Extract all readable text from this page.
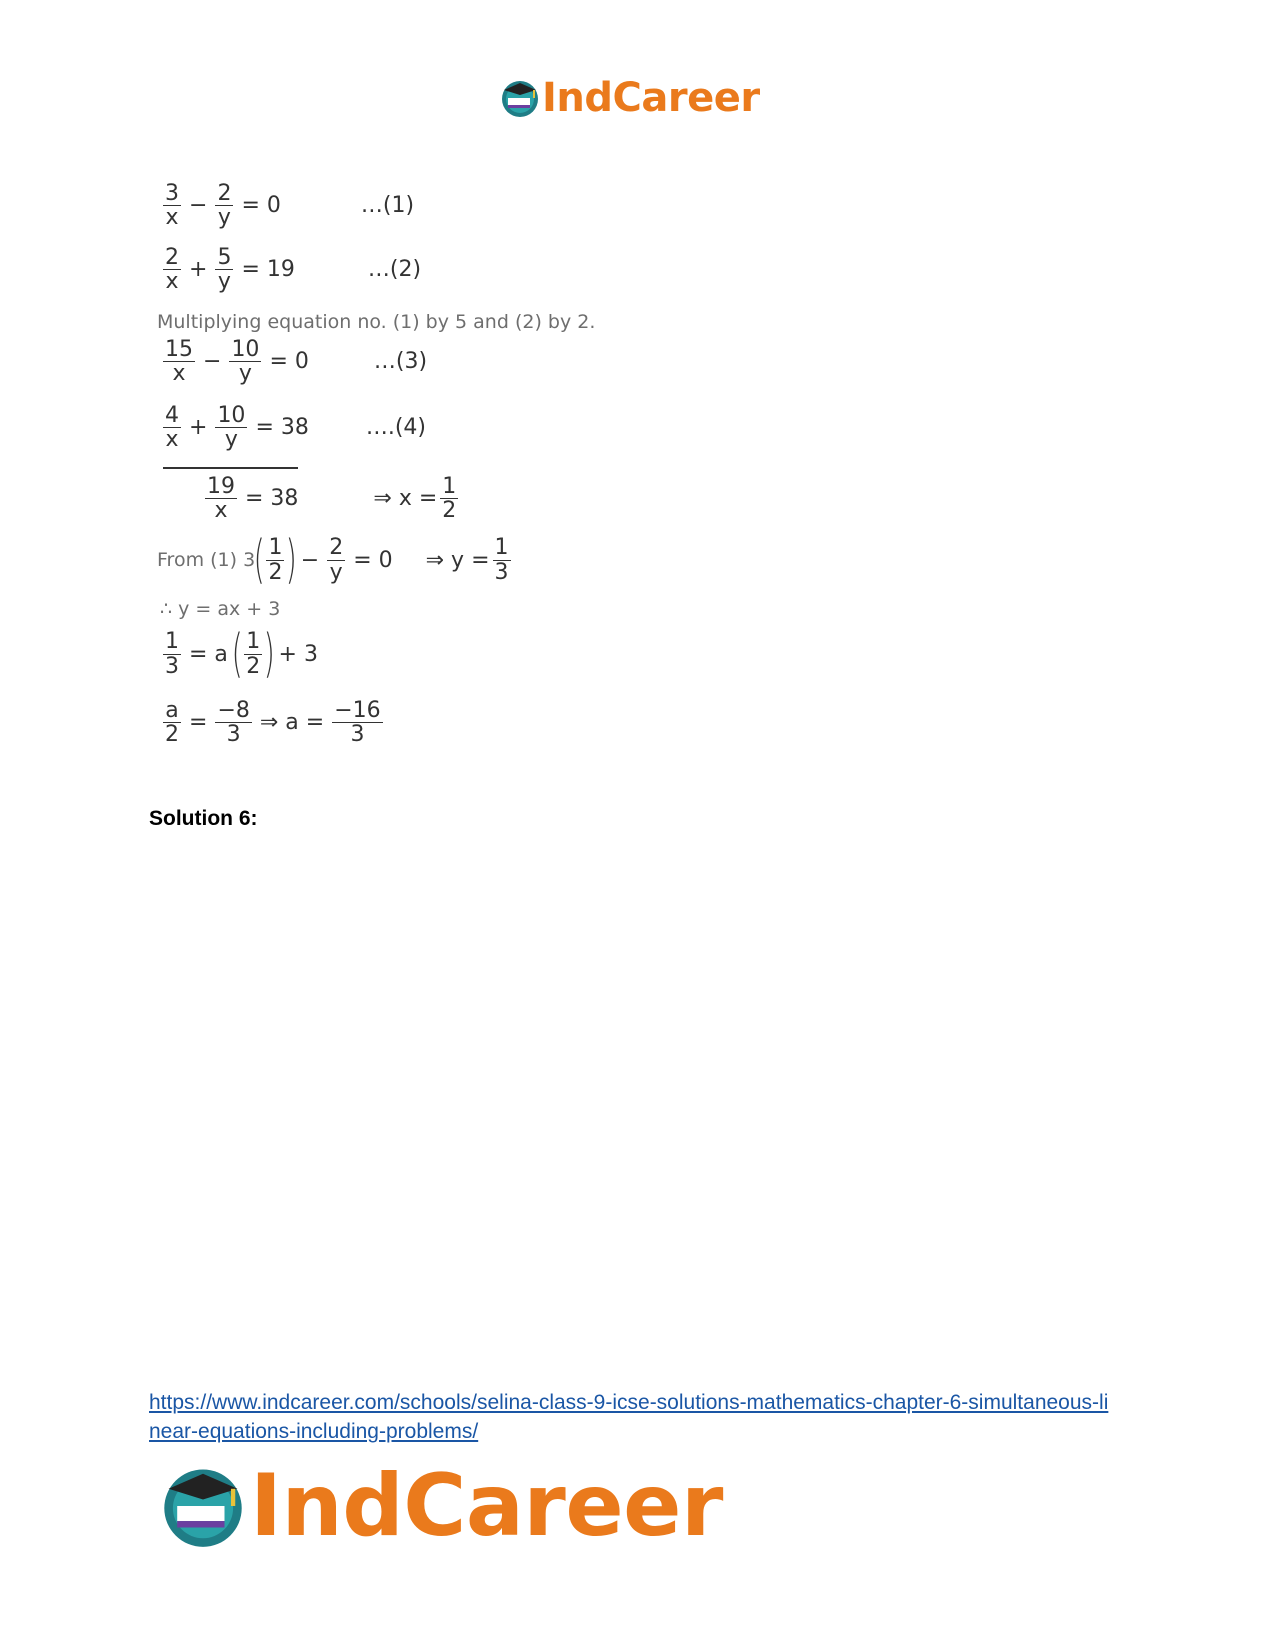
IndCareer
$\frac{3}{x} - \frac{2}{y} = 0$	…(1)
$\frac{2}{x} + \frac{5}{y} = 19$	…(2)
Multiplying equation no. (1) by 5 and (2) by 2.
$\frac{15}{x} - \frac{10}{y} = 0$	…(3)
$\frac{4}{x} + \frac{10}{y} = 38$	….(4)
$\frac{19}{x} = 38$	⇒ $x = \frac{1}{2}$
From (1) 3
( $\frac{1}{2}$ ) − $\frac{2}{y} = 0$ ⇒ $y = \frac{1}{3}$
∴ y = ax + 3
$\frac{1}{3} = a$ ( $\frac{1}{2}$ ) + 3
$\frac{a}{2} = \frac{-8}{3}$ ⇒ $a = \frac{-16}{3}$
Solution 6:
https://www.indcareer.com/schools/selina-class-9-icse-solutions-mathematics-chapter-6-simultaneous-linear-equations-including-problems/
IndCareer
